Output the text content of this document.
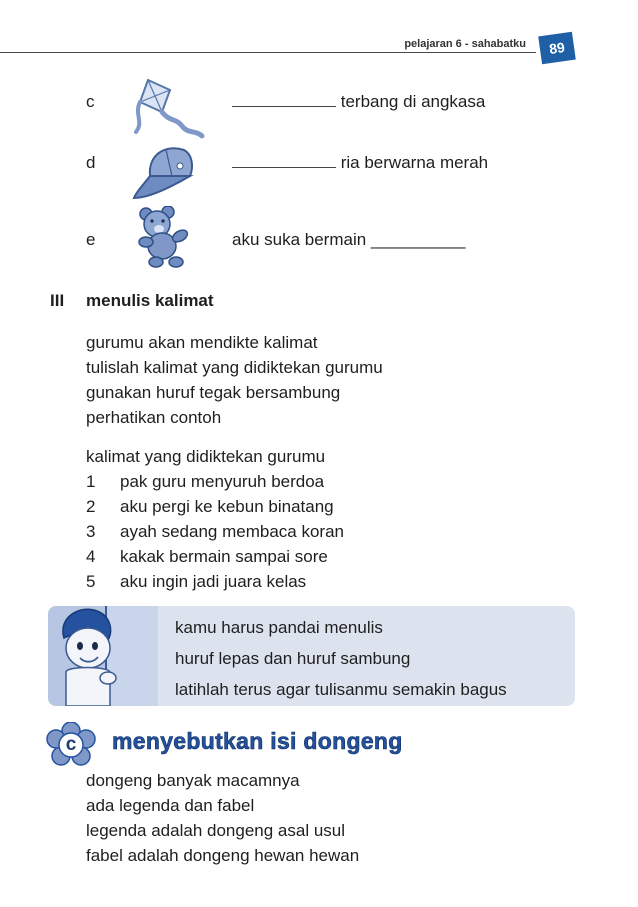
pelajaran 6 - sahabatku	89
c	terbang di angkasa
d	ria berwarna merah
e	aku suka bermain __________
III menulis kalimat
gurumu akan mendikte kalimat
tulislah kalimat yang didiktekan gurumu
gunakan huruf tegak bersambung
perhatikan contoh
kalimat yang didiktekan gurumu
1 pak guru menyuruh berdoa
2 aku pergi ke kebun binatang
3 ayah sedang membaca koran
4 kakak bermain sampai sore
5 aku ingin jadi juara kelas
kamu harus pandai menulis
huruf lepas dan huruf sambung
latihlah terus agar tulisanmu semakin bagus
c	menyebutkan isi dongeng
dongeng banyak macamnya
ada legenda dan fabel
legenda adalah dongeng asal usul
fabel adalah dongeng hewan hewan
